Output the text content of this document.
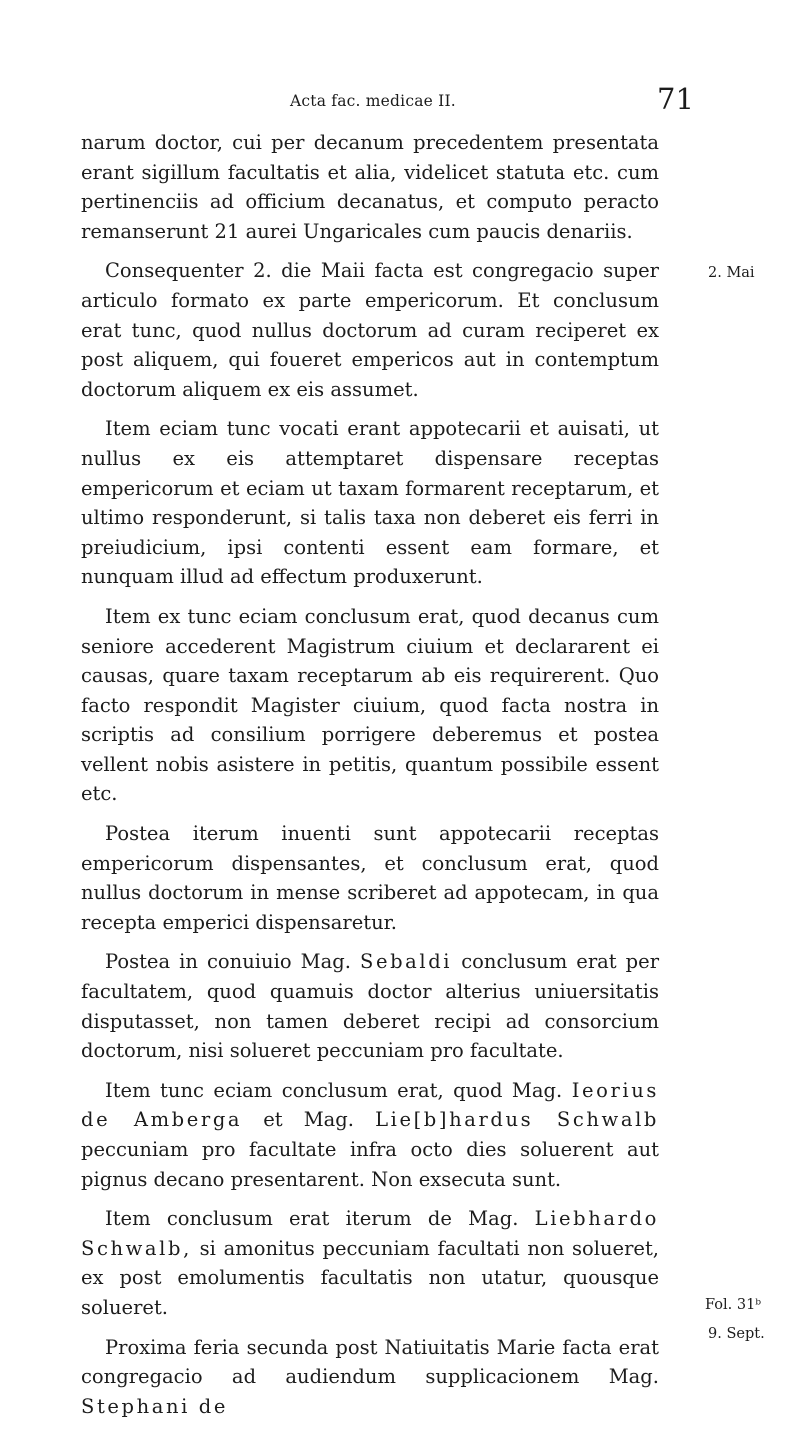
Acta fac. medicae II.	71

narum doctor, cui per decanum precedentem presentata erant sigillum facultatis et alia, videlicet statuta etc. cum pertinenciis ad officium decanatus, et computo peracto remanserunt 21 aurei Ungaricales cum paucis denariis.

Consequenter 2. die Maii facta est congregacio super articulo formato ex parte empericorum. Et conclusum erat tunc, quod nullus doctorum ad curam reciperet ex post aliquem, qui foueret empericos aut in contemptum doctorum aliquem ex eis assumet.

Item eciam tunc vocati erant appotecarii et auisati, ut nullus ex eis attemptaret dispensare receptas empericorum et eciam ut taxam formarent receptarum, et ultimo responderunt, si talis taxa non deberet eis ferri in preiudicium, ipsi contenti essent eam formare, et nunquam illud ad effectum produxerunt.

Item ex tunc eciam conclusum erat, quod decanus cum seniore accederent Magistrum ciuium et declararent ei causas, quare taxam receptarum ab eis requirerent. Quo facto respondit Magister ciuium, quod facta nostra in scriptis ad consilium porrigere deberemus et postea vellent nobis asistere in petitis, quantum possibile essent etc.

Postea iterum inuenti sunt appotecarii receptas empericorum dispensantes, et conclusum erat, quod nullus doctorum in mense scriberet ad appotecam, in qua recepta emperici dispensaretur.

Postea in conuiuio Mag. Sebaldi conclusum erat per facultatem, quod quamuis doctor alterius uniuersitatis disputasset, non tamen deberet recipi ad consorcium doctorum, nisi solueret peccuniam pro facultate.

Item tunc eciam conclusum erat, quod Mag. Ieorius de Amberga et Mag. Lie[b]hardus Schwalb peccuniam pro facultate infra octo dies soluerent aut pignus decano presentarent. Non exsecuta sunt.

Item conclusum erat iterum de Mag. Liebhardo Schwalb, si amonitus peccuniam facultati non solueret, ex post emolumentis facultatis non utatur, quousque solueret.

Proxima feria secunda post Natiuitatis Marie facta erat congregacio ad audiendum supplicacionem Mag. Stephani de

2. Mai
Fol. 31ᵇ
9. Sept.
